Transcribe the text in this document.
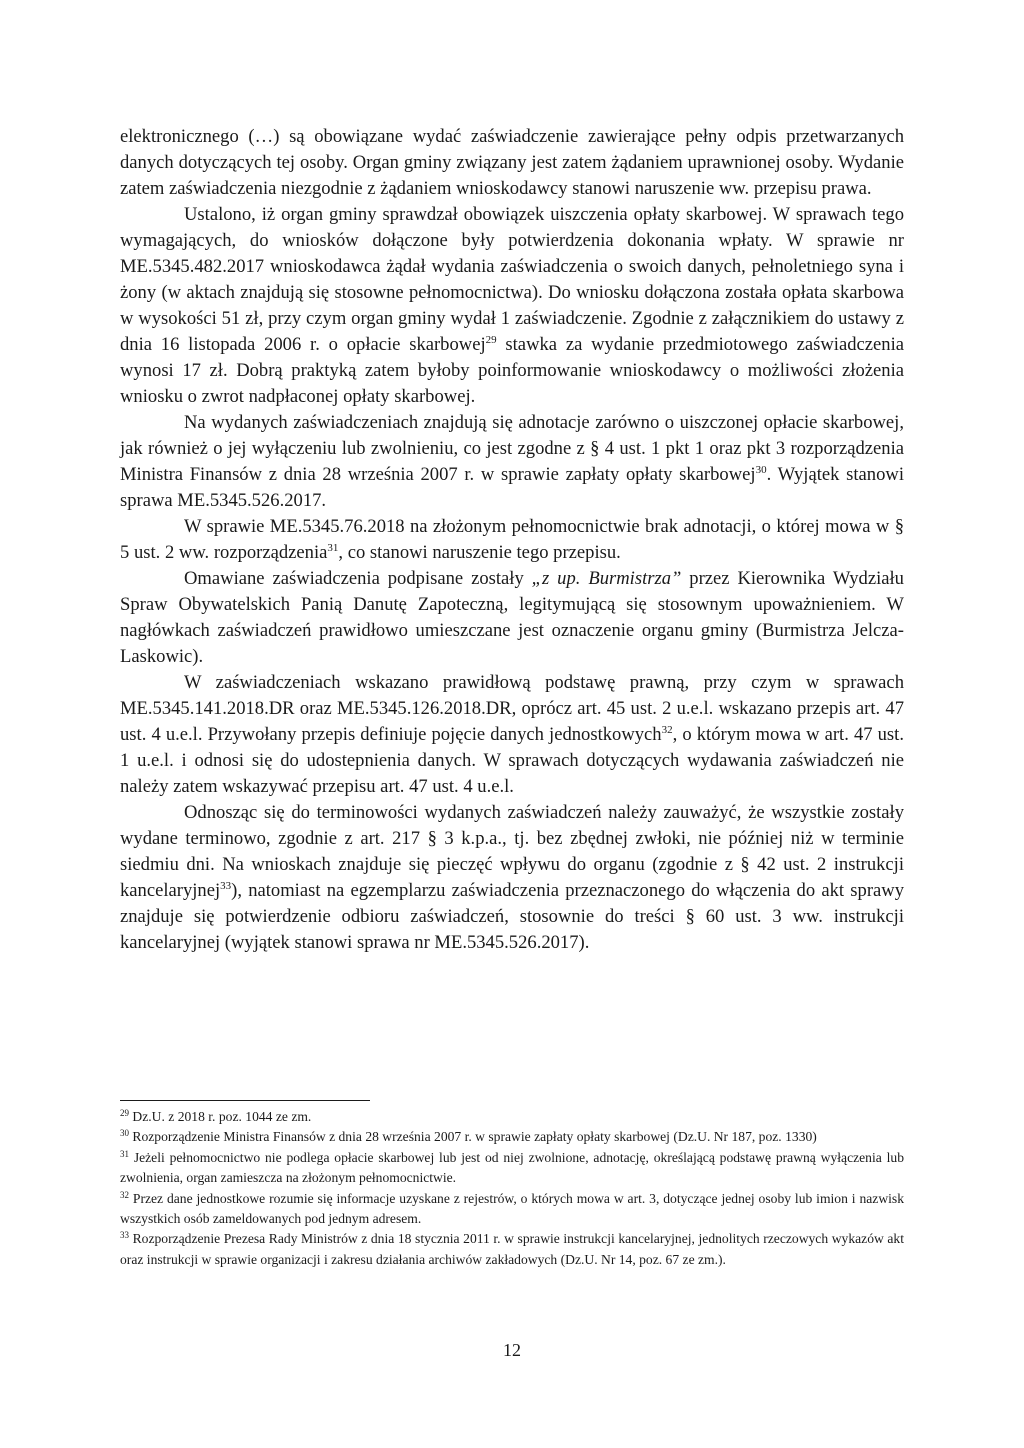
elektronicznego (…) są obowiązane wydać zaświadczenie zawierające pełny odpis przetwarzanych danych dotyczących tej osoby. Organ gminy związany jest zatem żądaniem uprawnionej osoby. Wydanie zatem zaświadczenia niezgodnie z żądaniem wnioskodawcy stanowi naruszenie ww. przepisu prawa.

Ustalono, iż organ gminy sprawdzał obowiązek uiszczenia opłaty skarbowej. W sprawach tego wymagających, do wniosków dołączone były potwierdzenia dokonania wpłaty. W sprawie nr ME.5345.482.2017 wnioskodawca żądał wydania zaświadczenia o swoich danych, pełnoletniego syna i żony (w aktach znajdują się stosowne pełnomocnictwa). Do wniosku dołączona została opłata skarbowa w wysokości 51 zł, przy czym organ gminy wydał 1 zaświadczenie. Zgodnie z załącznikiem do ustawy z dnia 16 listopada 2006 r. o opłacie skarbowej$^{29}$ stawka za wydanie przedmiotowego zaświadczenia wynosi 17 zł. Dobrą praktyką zatem byłoby poinformowanie wnioskodawcy o możliwości złożenia wniosku o zwrot nadpłaconej opłaty skarbowej.

Na wydanych zaświadczeniach znajdują się adnotacje zarówno o uiszczonej opłacie skarbowej, jak również o jej wyłączeniu lub zwolnieniu, co jest zgodne z § 4 ust. 1 pkt 1 oraz pkt 3 rozporządzenia Ministra Finansów z dnia 28 września 2007 r. w sprawie zapłaty opłaty skarbowej$^{30}$. Wyjątek stanowi sprawa ME.5345.526.2017.

W sprawie ME.5345.76.2018 na złożonym pełnomocnictwie brak adnotacji, o której mowa w § 5 ust. 2 ww. rozporządzenia$^{31}$, co stanowi naruszenie tego przepisu.

Omawiane zaświadczenia podpisane zostały „z up. Burmistrza” przez Kierownika Wydziału Spraw Obywatelskich Panią Danutę Zapoteczną, legitymującą się stosownym upoważnieniem. W nagłówkach zaświadczeń prawidłowo umieszczane jest oznaczenie organu gminy (Burmistrza Jelcza-Laskowic).

W zaświadczeniach wskazano prawidłową podstawę prawną, przy czym w sprawach ME.5345.141.2018.DR oraz ME.5345.126.2018.DR, oprócz art. 45 ust. 2 u.e.l. wskazano przepis art. 47 ust. 4 u.e.l. Przywołany przepis definiuje pojęcie danych jednostkowych$^{32}$, o którym mowa w art. 47 ust. 1 u.e.l. i odnosi się do udostepnienia danych. W sprawach dotyczących wydawania zaświadczeń nie należy zatem wskazywać przepisu art. 47 ust. 4 u.e.l.

Odnosząc się do terminowości wydanych zaświadczeń należy zauważyć, że wszystkie zostały wydane terminowo, zgodnie z art. 217 § 3 k.p.a., tj. bez zbędnej zwłoki, nie później niż w terminie siedmiu dni. Na wnioskach znajduje się pieczęć wpływu do organu (zgodnie z § 42 ust. 2 instrukcji kancelaryjnej$^{33}$), natomiast na egzemplarzu zaświadczenia przeznaczonego do włączenia do akt sprawy znajduje się potwierdzenie odbioru zaświadczeń, stosownie do treści § 60 ust. 3 ww. instrukcji kancelaryjnej (wyjątek stanowi sprawa nr ME.5345.526.2017).

$^{29}$ Dz.U. z 2018 r. poz. 1044 ze zm.

$^{30}$ Rozporządzenie Ministra Finansów z dnia 28 września 2007 r. w sprawie zapłaty opłaty skarbowej (Dz.U. Nr 187, poz. 1330)

$^{31}$ Jeżeli pełnomocnictwo nie podlega opłacie skarbowej lub jest od niej zwolnione, adnotację, określającą podstawę prawną wyłączenia lub zwolnienia, organ zamieszcza na złożonym pełnomocnictwie.

$^{32}$ Przez dane jednostkowe rozumie się informacje uzyskane z rejestrów, o których mowa w art. 3, dotyczące jednej osoby lub imion i nazwisk wszystkich osób zameldowanych pod jednym adresem.

$^{33}$ Rozporządzenie Prezesa Rady Ministrów z dnia 18 stycznia 2011 r. w sprawie instrukcji kancelaryjnej, jednolitych rzeczowych wykazów akt oraz instrukcji w sprawie organizacji i zakresu działania archiwów zakładowych (Dz.U. Nr 14, poz. 67 ze zm.).

12
